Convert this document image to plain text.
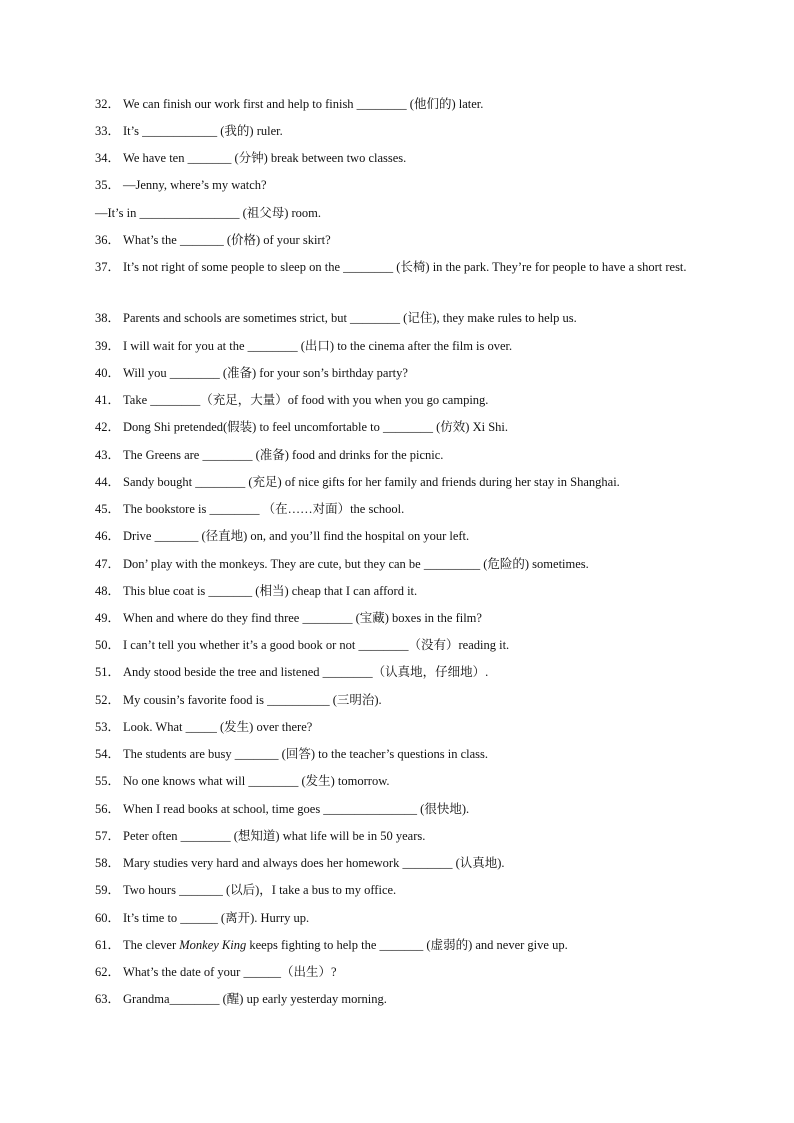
32． We can finish our work first and help to finish ________ (他们的) later.
33． It’s ____________ (我的) ruler.
34． We have ten _______ (分钟) break between two classes.
35． —Jenny, where’s my watch?
—It’s in ________________ (祖父母) room.
36． What’s the _______ (价格) of your skirt?
37． It’s not right of some people to sleep on the ________ (长椅) in the park. They’re for people to have a short rest.
38． Parents and schools are sometimes strict, but ________ (记住), they make rules to help us.
39． I will wait for you at the ________ (出口) to the cinema after the film is over.
40． Will you ________ (准备) for your son’s birthday party?
41． Take ________（充足，大量）of food with you when you go camping.
42． Dong Shi pretended(假装) to feel uncomfortable to ________ (仿效) Xi Shi.
43． The Greens are ________ (准备) food and drinks for the picnic.
44． Sandy bought ________ (充足) of nice gifts for her family and friends during her stay in Shanghai.
45． The bookstore is ________ （在……对面）the school.
46． Drive _______ (径直地) on, and you’ll find the hospital on your left.
47． Don’ play with the monkeys. They are cute, but they can be _________ (危险的) sometimes.
48． This blue coat is _______ (相当) cheap that I can afford it.
49． When and where do they find three ________ (宝藏) boxes in the film?
50． I can’t tell you whether it’s a good book or not ________（没有）reading it.
51． Andy stood beside the tree and listened ________（认真地，仔细地）.
52． My cousin’s favorite food is __________ (三明治).
53． Look. What _____ (发生) over there?
54． The students are busy _______ (回答) to the teacher’s questions in class.
55． No one knows what will ________ (发生) tomorrow.
56． When I read books at school, time goes _______________ (很快地).
57． Peter often ________ (想知道) what life will be in 50 years.
58． Mary studies very hard and always does her homework ________ (认真地).
59． Two hours _______ (以后)，I take a bus to my office.
60． It’s time to ______ (离开). Hurry up.
61． The clever Monkey King keeps fighting to help the _______ (虚弱的) and never give up.
62． What’s the date of your ______（出生）?
63． Grandma________ (醒) up early yesterday morning.
